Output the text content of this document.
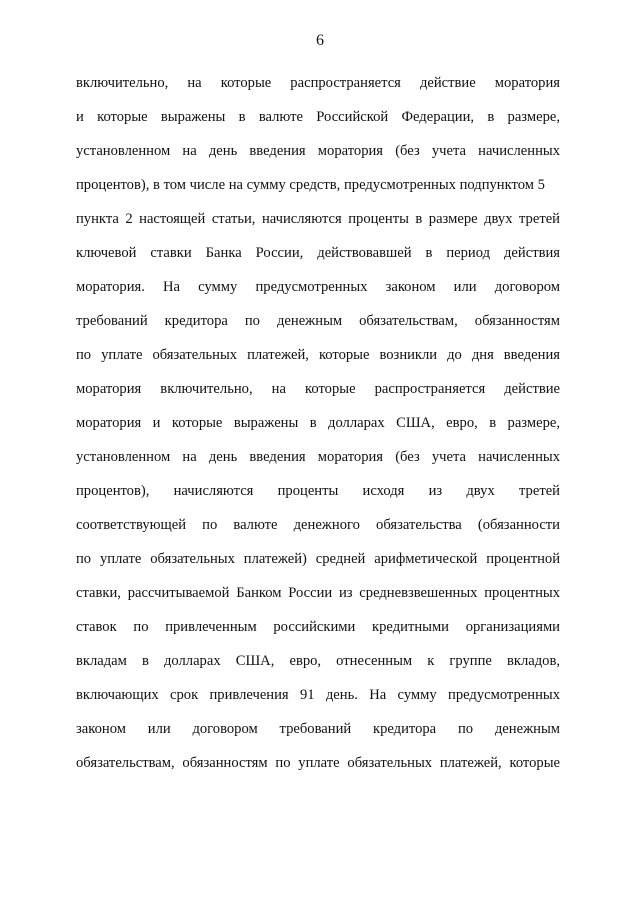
6
включительно, на которые распространяется действие моратория
и которые выражены в валюте Российской Федерации, в размере,
установленном на день введения моратория (без учета начисленных
процентов), в том числе на сумму средств, предусмотренных подпунктом 5
пункта 2 настоящей статьи, начисляются проценты в размере двух третей
ключевой ставки Банка России, действовавшей в период действия
моратория. На сумму предусмотренных законом или договором
требований кредитора по денежным обязательствам, обязанностям
по уплате обязательных платежей, которые возникли до дня введения
моратория включительно, на которые распространяется действие
моратория и которые выражены в долларах США, евро, в размере,
установленном на день введения моратория (без учета начисленных
процентов), начисляются проценты исходя из двух третей
соответствующей по валюте денежного обязательства (обязанности
по уплате обязательных платежей) средней арифметической процентной
ставки, рассчитываемой Банком России из средневзвешенных процентных
ставок по привлеченным российскими кредитными организациями
вкладам в долларах США, евро, отнесенным к группе вкладов,
включающих срок привлечения 91 день. На сумму предусмотренных
законом или договором требований кредитора по денежным
обязательствам, обязанностям по уплате обязательных платежей, которые
